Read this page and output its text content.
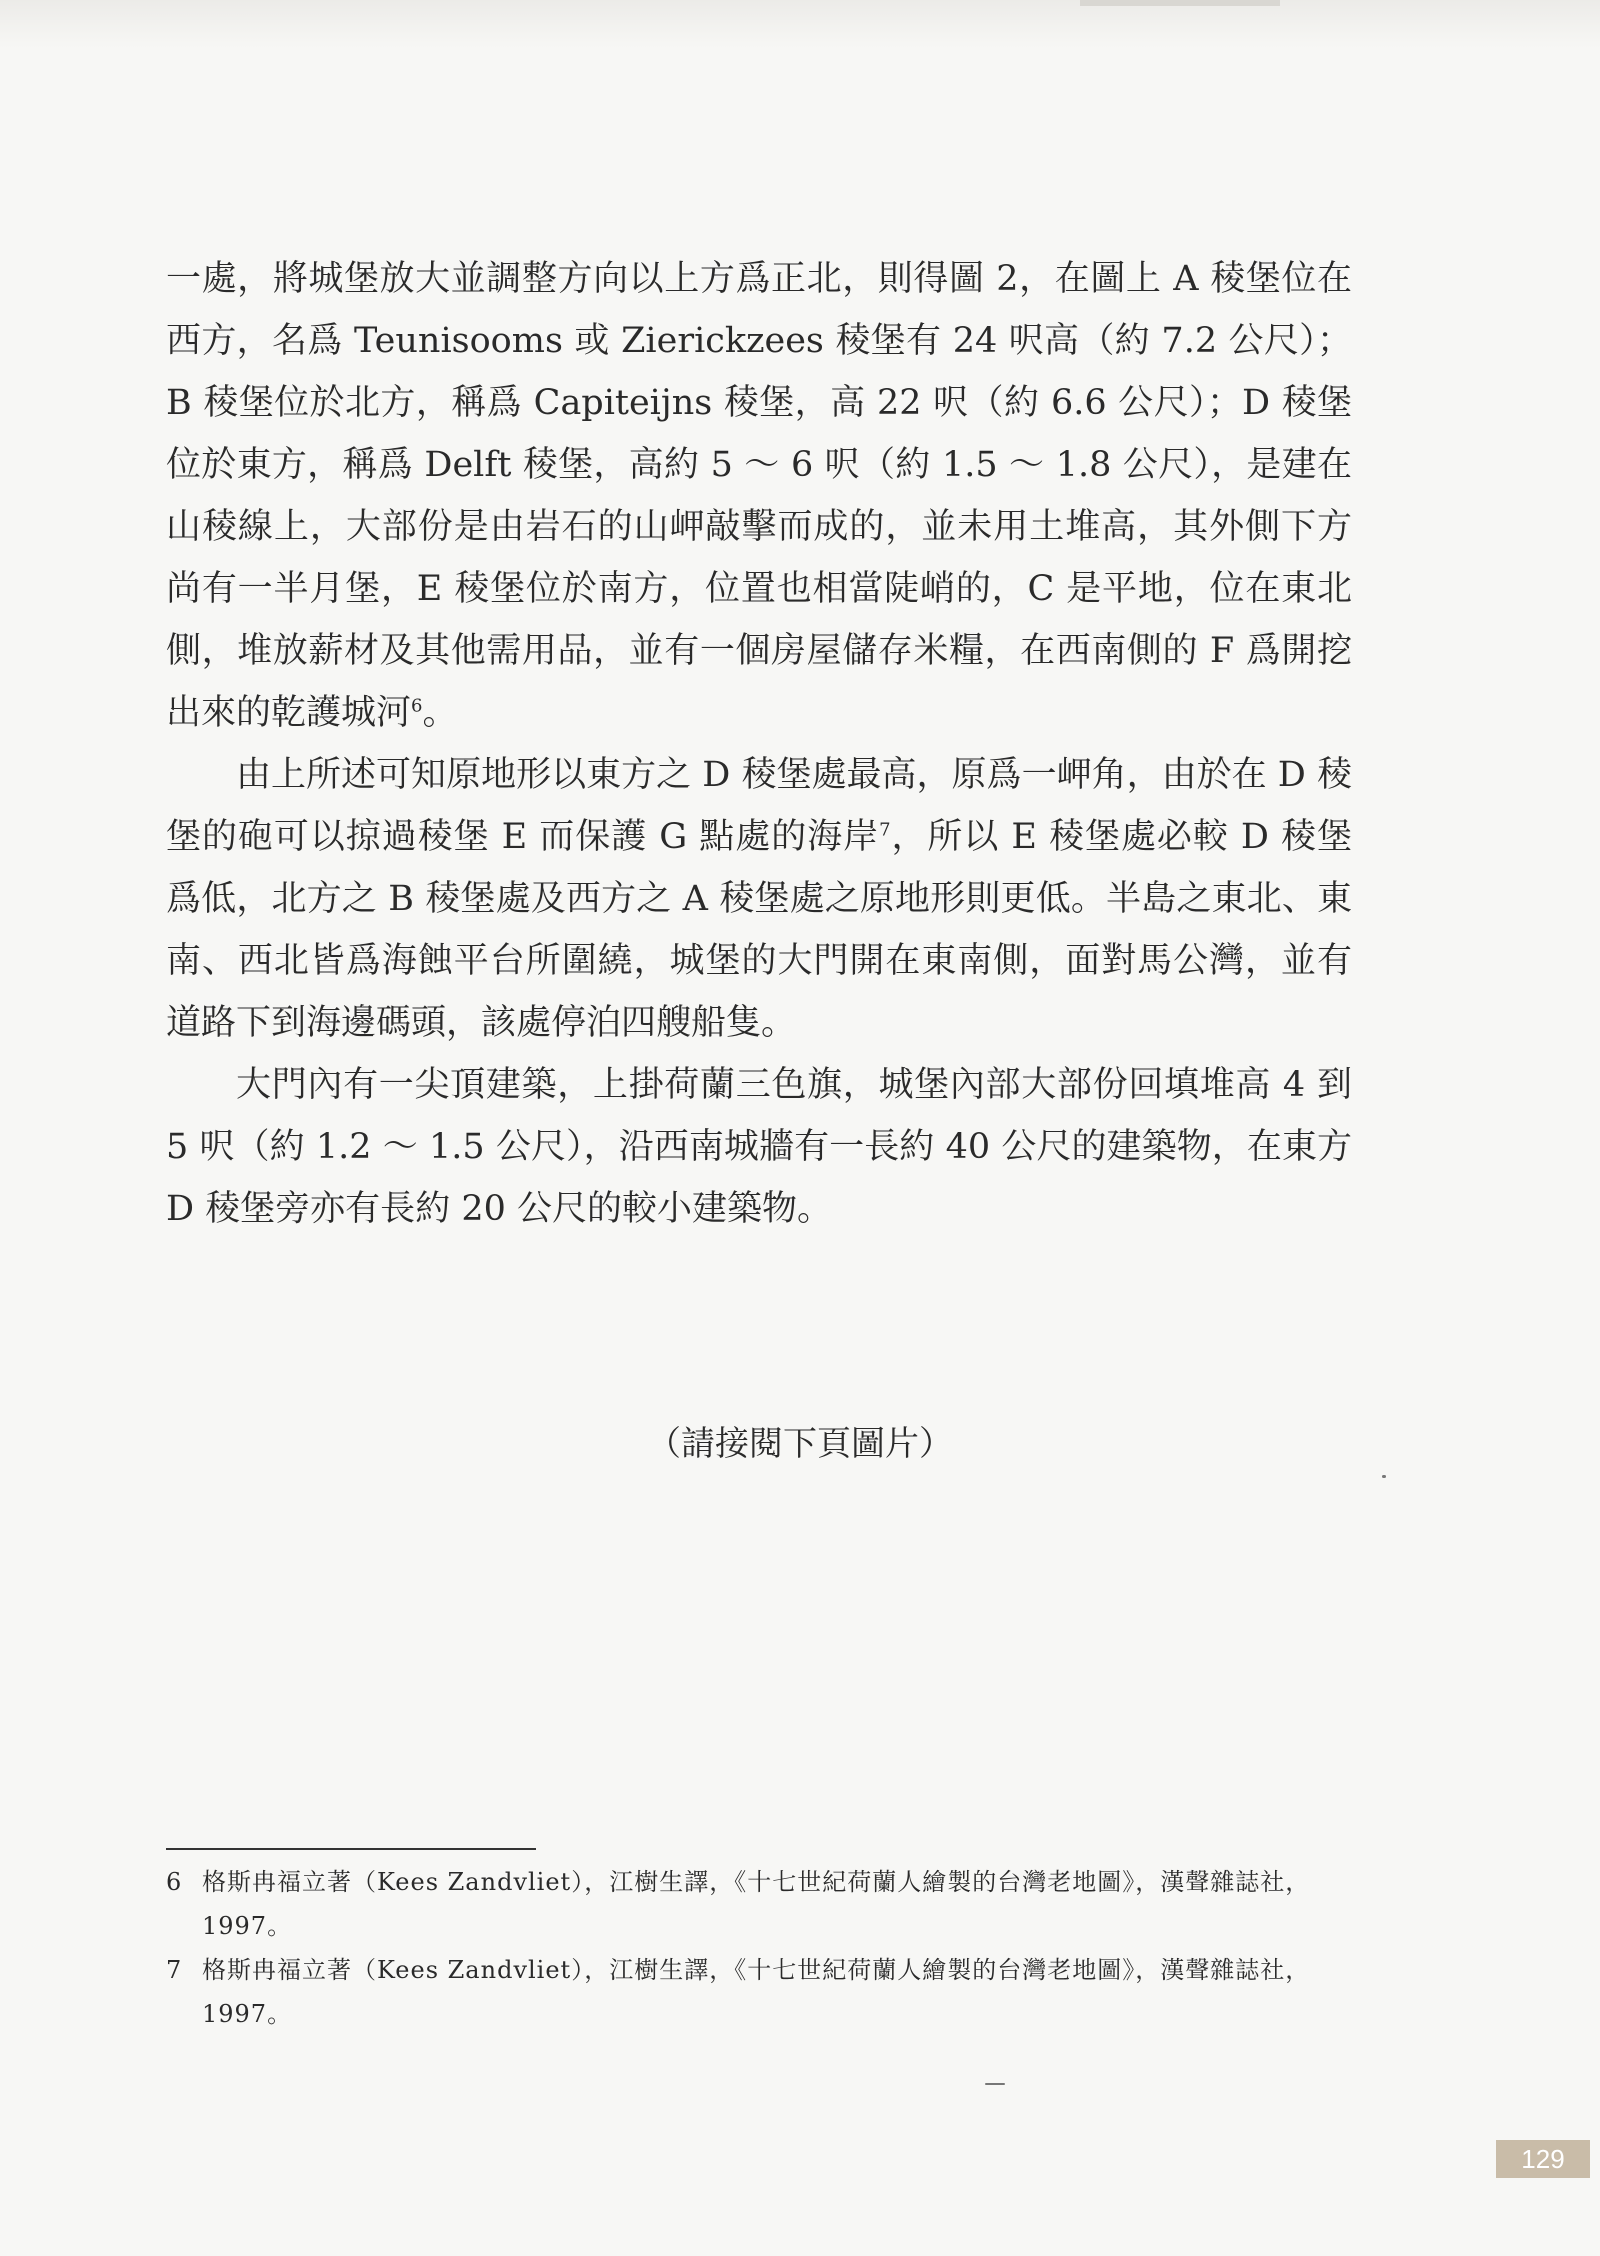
一處，將城堡放大並調整方向以上方爲正北，則得圖 2，在圖上 A 稜堡位在西方，名爲 Teunisooms 或 Zierickzees 稜堡有 24 呎高（約 7.2 公尺）；B 稜堡位於北方，稱爲 Capiteijns 稜堡，高 22 呎（約 6.6 公尺）；D 稜堡位於東方，稱爲 Delft 稜堡，高約 5 ～ 6 呎（約 1.5 ～ 1.8 公尺），是建在山稜線上，大部份是由岩石的山岬敲擊而成的，並未用土堆高，其外側下方尚有一半月堡，E 稜堡位於南方，位置也相當陡峭的，C 是平地，位在東北側，堆放薪材及其他需用品，並有一個房屋儲存米糧，在西南側的 F 爲開挖出來的乾護城河$^6$。

由上所述可知原地形以東方之 D 稜堡處最高，原爲一岬角，由於在 D 稜堡的砲可以掠過稜堡 E 而保護 G 點處的海岸$^7$，所以 E 稜堡處必較 D 稜堡爲低，北方之 B 稜堡處及西方之 A 稜堡處之原地形則更低。半島之東北、東南、西北皆爲海蝕平台所圍繞，城堡的大門開在東南側，面對馬公灣，並有道路下到海邊碼頭，該處停泊四艘船隻。

大門內有一尖頂建築，上掛荷蘭三色旗，城堡內部大部份回填堆高 4 到 5 呎（約 1.2 ～ 1.5 公尺），沿西南城牆有一長約 40 公尺的建築物，在東方 D 稜堡旁亦有長約 20 公尺的較小建築物。

（請接閱下頁圖片）
6 格斯冉福立著（Kees Zandvliet），江樹生譯，《十七世紀荷蘭人繪製的台灣老地圖》，漢聲雜誌社，1997。
7 格斯冉福立著（Kees Zandvliet），江樹生譯，《十七世紀荷蘭人繪製的台灣老地圖》，漢聲雜誌社，1997。
129
